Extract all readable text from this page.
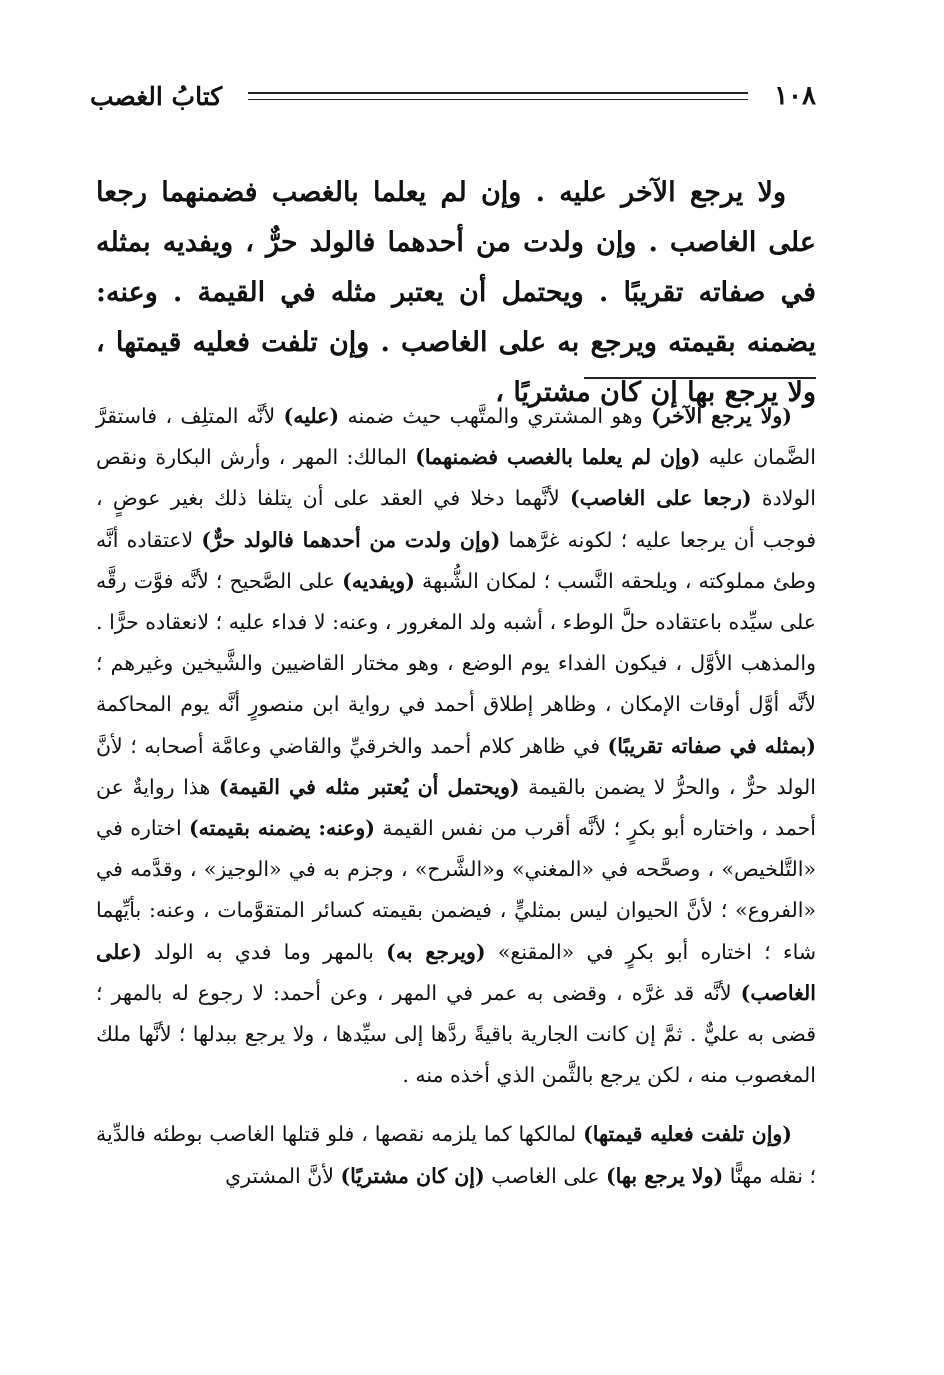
١٠٨
كتابُ الغصب

ولا يرجع الآخر عليه . وإن لم يعلما بالغصب فضمنهما رجعا على الغاصب . وإن ولدت من أحدهما فالولد حرٌّ ، ويفديه بمثله في صفاته تقريبًا . ويحتمل أن يعتبر مثله في القيمة . وعنه: يضمنه بقيمته ويرجع به على الغاصب . وإن تلفت فعليه قيمتها ، ولا يرجع بها إن كان مشتريًا ،

(ولا يرجع الآخر) وهو المشتري والمتَّهب حيث ضمنه (عليه) لأنَّه المتلِف ، فاستقرَّ الضَّمان عليه (وإن لم يعلما بالغصب فضمنهما) المالك: المهر ، وأرش البكارة ونقص الولادة (رجعا على الغاصب) لأنَّهما دخلا في العقد على أن يتلفا ذلك بغير عوضٍ ، فوجب أن يرجعا عليه ؛ لكونه غرَّهما (وإن ولدت من أحدهما فالولد حرٌّ) لاعتقاده أنَّه وطئ مملوكته ، ويلحقه النَّسب ؛ لمكان الشُّبهة (ويفديه) على الصَّحيح ؛ لأنَّه فوَّت رقَّه على سيِّده باعتقاده حلَّ الوطء ، أشبه ولد المغرور ، وعنه: لا فداء عليه ؛ لانعقاده حرًّا . والمذهب الأوَّل ، فيكون الفداء يوم الوضع ، وهو مختار القاضيين والشَّيخين وغيرهم ؛ لأنَّه أوَّل أوقات الإمكان ، وظاهر إطلاق أحمد في رواية ابن منصورٍ أنَّه يوم المحاكمة (بمثله في صفاته تقريبًا) في ظاهر كلام أحمد والخرقيِّ والقاضي وعامَّة أصحابه ؛ لأنَّ الولد حرٌّ ، والحرُّ لا يضمن بالقيمة (ويحتمل أن يُعتبر مثله في القيمة) هذا روايةٌ عن أحمد ، واختاره أبو بكرٍ ؛ لأنَّه أقرب من نفس القيمة (وعنه: يضمنه بقيمته) اختاره في «التَّلخيص» ، وصحَّحه في «المغني» و«الشَّرح» ، وجزم به في «الوجيز» ، وقدَّمه في «الفروع» ؛ لأنَّ الحيوان ليس بمثليٍّ ، فيضمن بقيمته كسائر المتقوَّمات ، وعنه: بأيِّهما شاء ؛ اختاره أبو بكرٍ في «المقنع» (ويرجع به) بالمهر وما فدي به الولد (على الغاصب) لأنَّه قد غرَّه ، وقضى به عمر في المهر ، وعن أحمد: لا رجوع له بالمهر ؛ قضى به عليٌّ . ثمَّ إن كانت الجارية باقيةً ردَّها إلى سيِّدها ، ولا يرجع ببدلها ؛ لأنَّها ملك المغصوب منه ، لكن يرجع بالثَّمن الذي أخذه منه .

(وإن تلفت فعليه قيمتها) لمالكها كما يلزمه نقصها ، فلو قتلها الغاصب بوطئه فالدِّية ؛ نقله مهنًّا (ولا يرجع بها) على الغاصب (إن كان مشتريًا) لأنَّ المشتري
